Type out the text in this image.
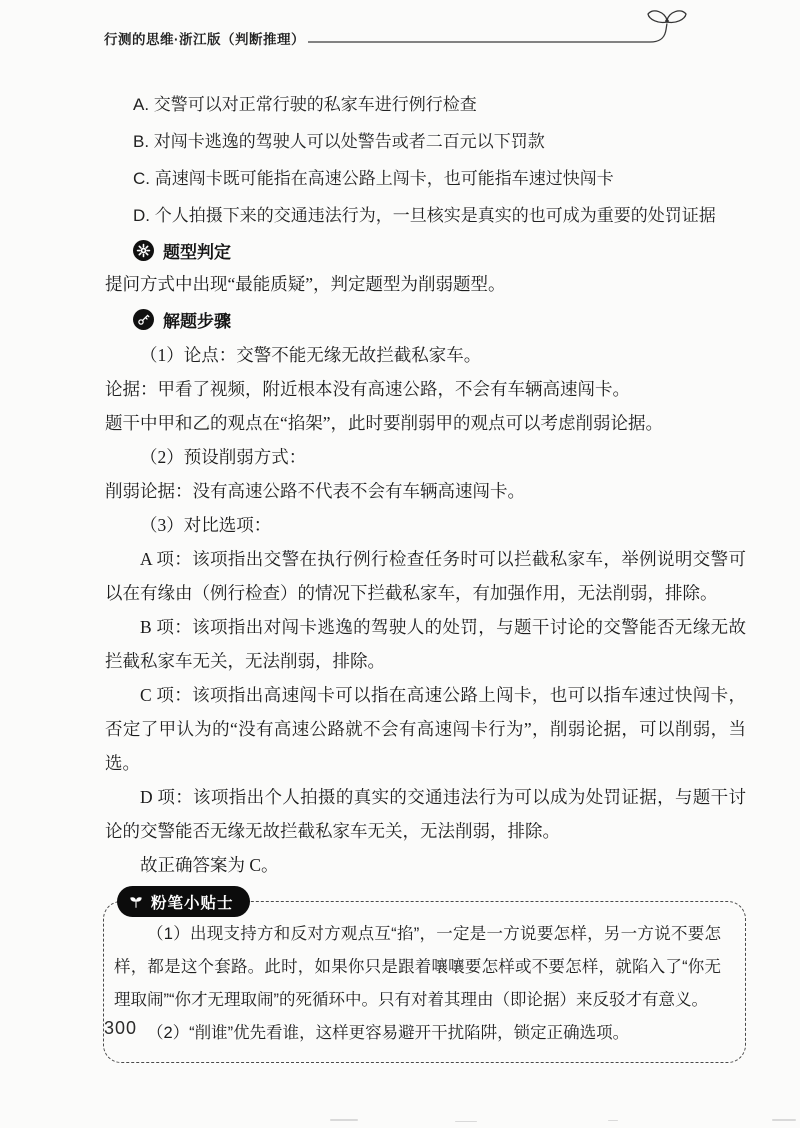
行测的思维·浙江版（判断推理）
A. 交警可以对正常行驶的私家车进行例行检查
B. 对闯卡逃逸的驾驶人可以处警告或者二百元以下罚款
C. 高速闯卡既可能指在高速公路上闯卡，也可能指车速过快闯卡
D. 个人拍摄下来的交通违法行为，一旦核实是真实的也可成为重要的处罚证据
题型判定
提问方式中出现“最能质疑”，判定题型为削弱题型。
解题步骤
（1）论点：交警不能无缘无故拦截私家车。
论据：甲看了视频，附近根本没有高速公路，不会有车辆高速闯卡。
题干中甲和乙的观点在“掐架”，此时要削弱甲的观点可以考虑削弱论据。
（2）预设削弱方式：
削弱论据：没有高速公路不代表不会有车辆高速闯卡。
（3）对比选项：
A 项：该项指出交警在执行例行检查任务时可以拦截私家车，举例说明交警可以在有缘由（例行检查）的情况下拦截私家车，有加强作用，无法削弱，排除。
B 项：该项指出对闯卡逃逸的驾驶人的处罚，与题干讨论的交警能否无缘无故拦截私家车无关，无法削弱，排除。
C 项：该项指出高速闯卡可以指在高速公路上闯卡，也可以指车速过快闯卡，否定了甲认为的“没有高速公路就不会有高速闯卡行为”，削弱论据，可以削弱，当选。
D 项：该项指出个人拍摄的真实的交通违法行为可以成为处罚证据，与题干讨论的交警能否无缘无故拦截私家车无关，无法削弱，排除。
故正确答案为 C。
粉笔小贴士
（1）出现支持方和反对方观点互“掐”，一定是一方说要怎样，另一方说不要怎样，都是这个套路。此时，如果你只是跟着嚷嚷要怎样或不要怎样，就陷入了“你无理取闹”“你才无理取闹”的死循环中。只有对着其理由（即论据）来反驳才有意义。
（2）“削谁”优先看谁，这样更容易避开干扰陷阱，锁定正确选项。
300
